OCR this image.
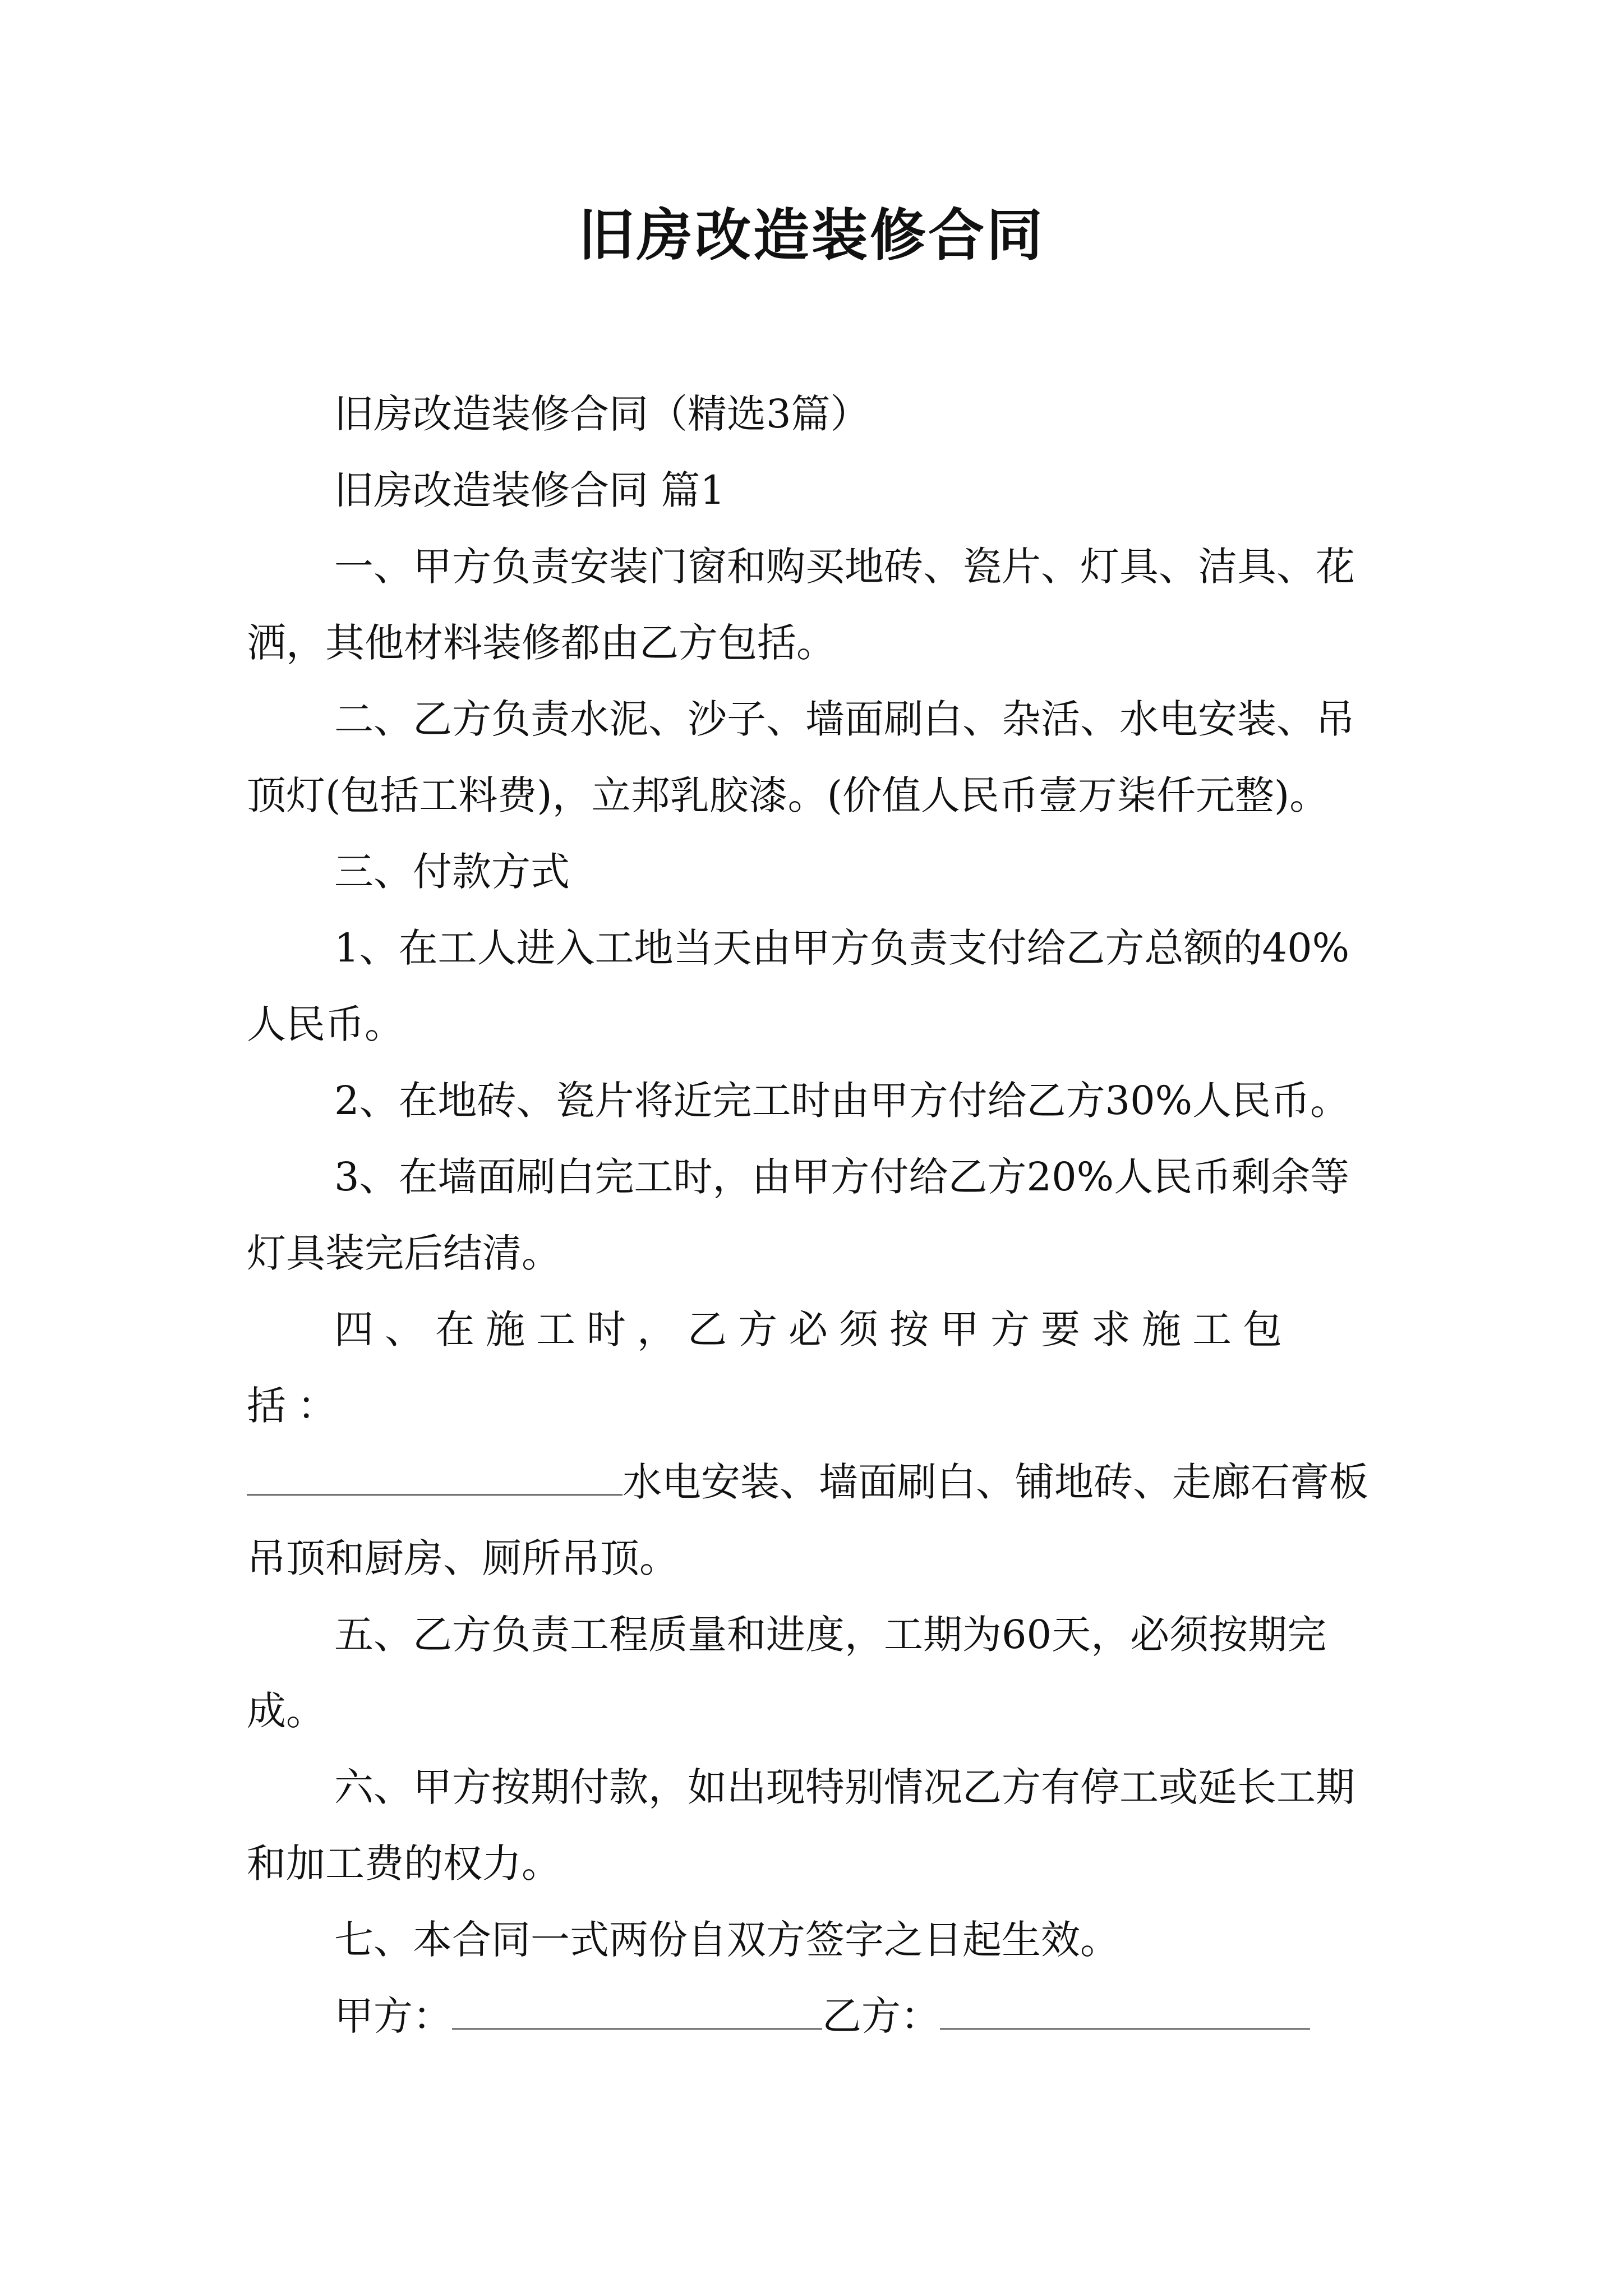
旧房改造装修合同

旧房改造装修合同（精选3篇）

旧房改造装修合同 篇1

一、甲方负责安装门窗和购买地砖、瓷片、灯具、洁具、花洒，其他材料装修都由乙方包括。

二、乙方负责水泥、沙子、墙面刷白、杂活、水电安装、吊顶灯(包括工料费)，立邦乳胶漆。(价值人民币壹万柒仟元整)。

三、付款方式

1、在工人进入工地当天由甲方负责支付给乙方总额的40%人民币。

2、在地砖、瓷片将近完工时由甲方付给乙方30%人民币。

3、在墙面刷白完工时，由甲方付给乙方20%人民币剩余等灯具装完后结清。

四、在施工时，乙方必须按甲方要求施工包括：

水电安装、墙面刷白、铺地砖、走廊石膏板吊顶和厨房、厕所吊顶。

五、乙方负责工程质量和进度，工期为60天，必须按期完成。

六、甲方按期付款，如出现特别情况乙方有停工或延长工期和加工费的权力。

七、本合同一式两份自双方签字之日起生效。

甲方：	乙方：
